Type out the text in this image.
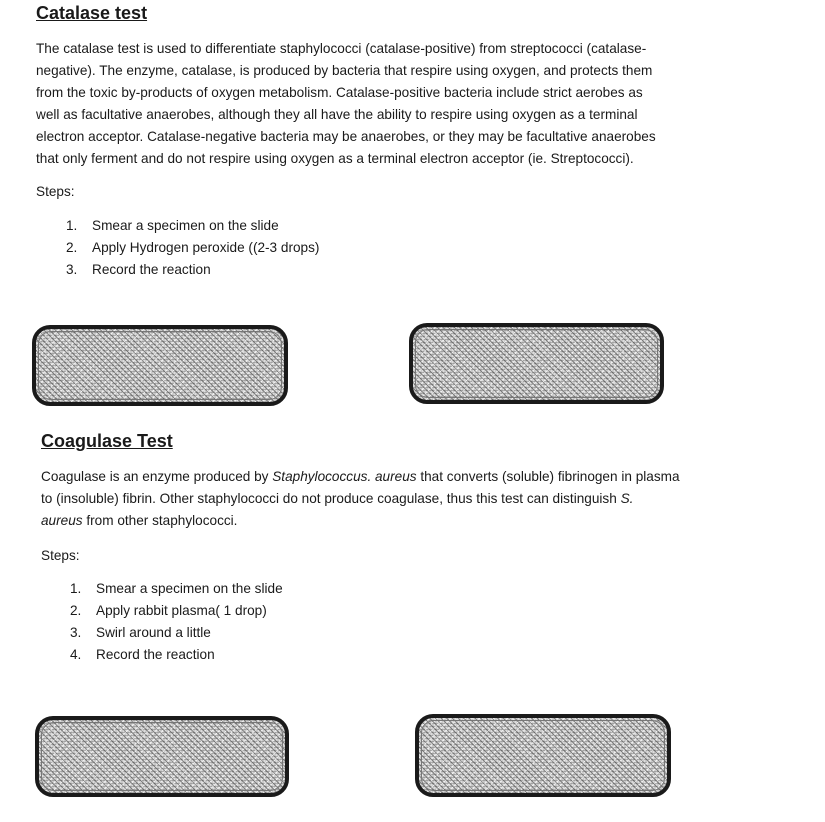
Catalase test
The catalase test is used to differentiate staphylococci (catalase-positive) from streptococci (catalase-
negative). The enzyme, catalase, is produced by bacteria that respire using oxygen, and protects them
from the toxic by-products of oxygen metabolism. Catalase-positive bacteria include strict aerobes as
well as facultative anaerobes, although they all have the ability to respire using oxygen as a terminal
electron acceptor. Catalase-negative bacteria may be anaerobes, or they may be facultative anaerobes
that only ferment and do not respire using oxygen as a terminal electron acceptor (ie. Streptococci).

Steps:

1. Smear a specimen on the slide
2. Apply Hydrogen peroxide ((2-3 drops)
3. Record the reaction
Coagulase Test
Coagulase is an enzyme produced by Staphylococcus. aureus that converts (soluble) fibrinogen in plasma
to (insoluble) fibrin. Other staphylococci do not produce coagulase, thus this test can distinguish S.
aureus from other staphylococci.

Steps:

1. Smear a specimen on the slide
2. Apply rabbit plasma( 1 drop)
3. Swirl around a little
4. Record the reaction
